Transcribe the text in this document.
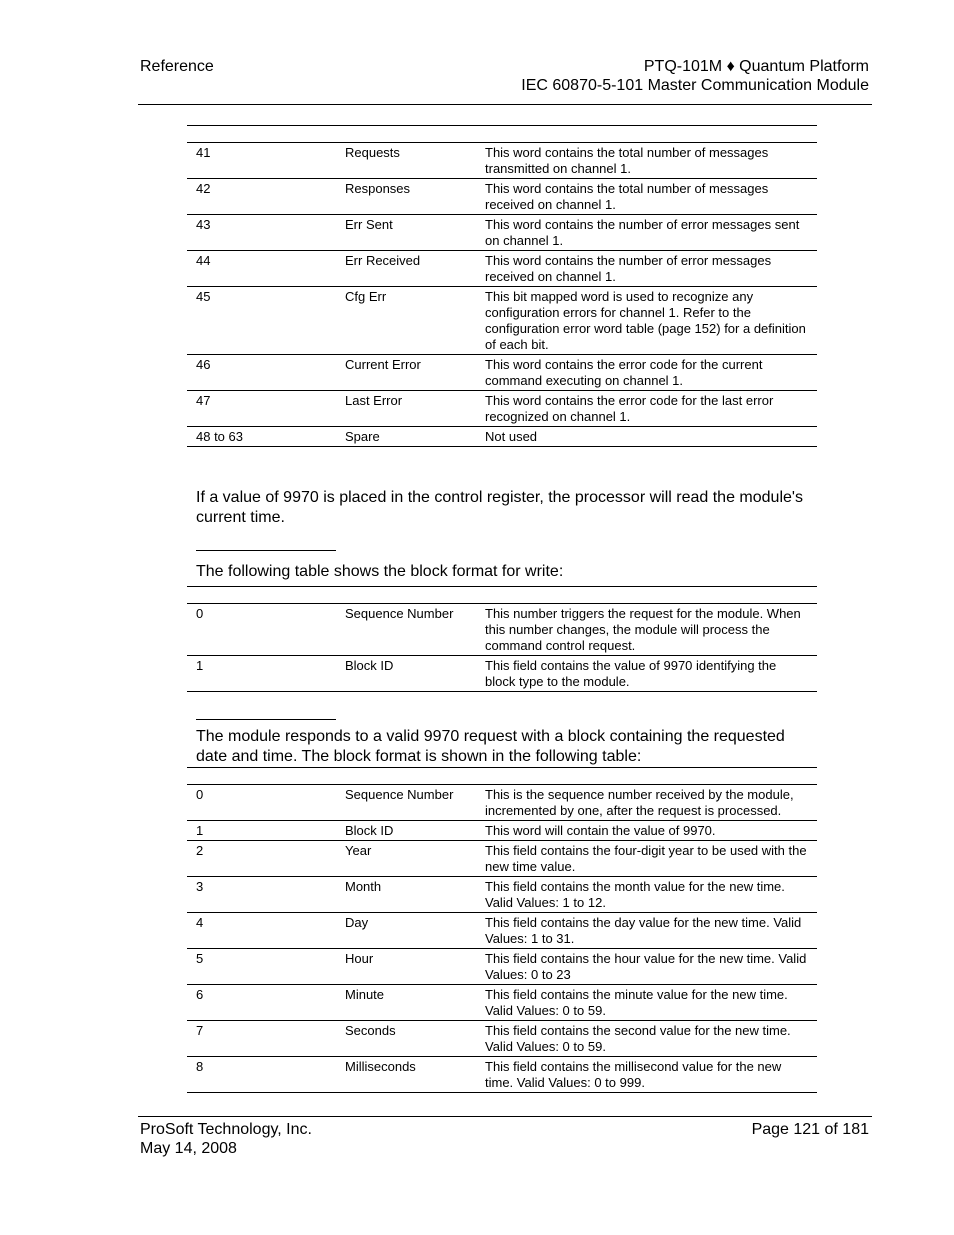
Reference	PTQ-101M ♦ Quantum Platform
IEC 60870-5-101 Master Communication Module

41	Requests	This word contains the total number of messages transmitted on channel 1.
42	Responses	This word contains the total number of messages received on channel 1.
43	Err Sent	This word contains the number of error messages sent on channel 1.
44	Err Received	This word contains the number of error messages received on channel 1.
45	Cfg Err	This bit mapped word is used to recognize any configuration errors for channel 1. Refer to the configuration error word table (page 152) for a definition of each bit.
46	Current Error	This word contains the error code for the current command executing on channel 1.
47	Last Error	This word contains the error code for the last error recognized on channel 1.
48 to 63	Spare	Not used
If a value of 9970 is placed in the control register, the processor will read the module's current time.
The following table shows the block format for write:

0	Sequence Number	This number triggers the request for the module. When this number changes, the module will process the command control request.
1	Block ID	This field contains the value of 9970 identifying the block type to the module.
The module responds to a valid 9970 request with a block containing the requested date and time. The block format is shown in the following table:

0	Sequence Number	This is the sequence number received by the module, incremented by one, after the request is processed.
1	Block ID	This word will contain the value of 9970.
2	Year	This field contains the four-digit year to be used with the new time value.
3	Month	This field contains the month value for the new time. Valid Values: 1 to 12.
4	Day	This field contains the day value for the new time. Valid Values: 1 to 31.
5	Hour	This field contains the hour value for the new time. Valid Values: 0 to 23
6	Minute	This field contains the minute value for the new time. Valid Values: 0 to 59.
7	Seconds	This field contains the second value for the new time. Valid Values: 0 to 59.
8	Milliseconds	This field contains the millisecond value for the new time. Valid Values: 0 to 999.
ProSoft Technology, Inc.
May 14, 2008
Page 121 of 181
